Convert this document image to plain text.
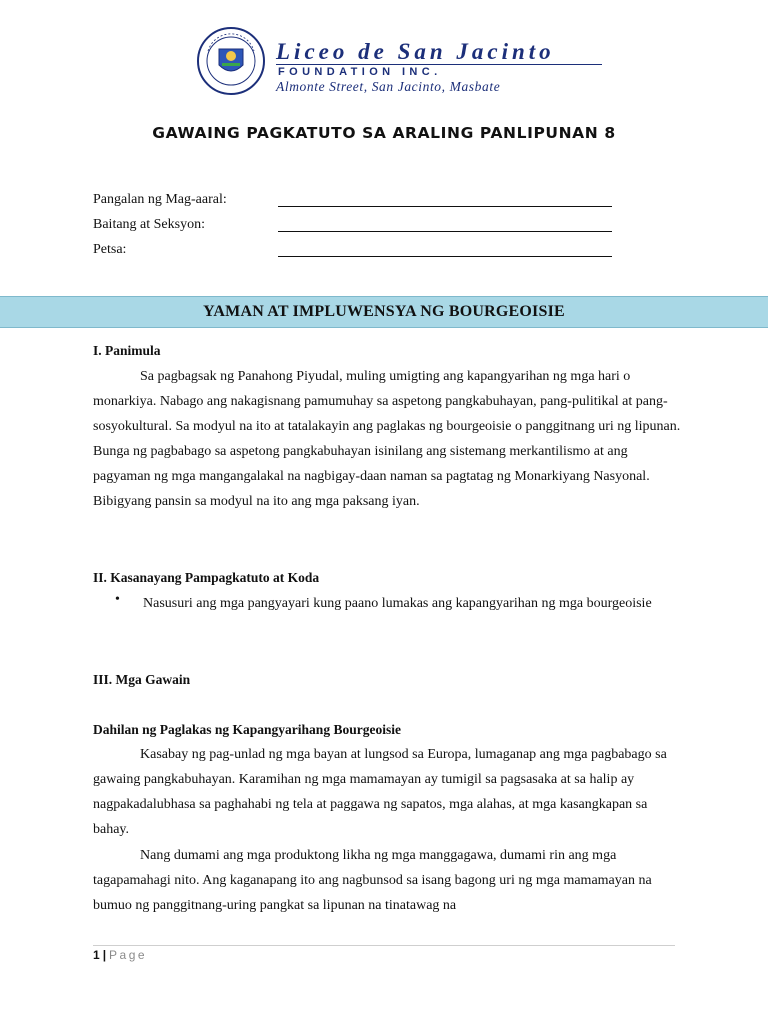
Liceo de San Jacinto
FOUNDATION INC.
Almonte Street, San Jacinto, Masbate
GAWAING PAGKATUTO SA ARALING PANLIPUNAN 8
Pangalan ng Mag-aaral:
Baitang at Seksyon:
Petsa:
YAMAN AT IMPLUWENSYA NG BOURGEOISIE
I. Panimula
Sa pagbagsak ng Panahong Piyudal, muling umigting ang kapangyarihan ng mga hari o monarkiya. Nabago ang nakagisnang pamumuhay sa aspetong pangkabuhayan, pang-pulitikal at pang-sosyokultural. Sa modyul na ito at tatalakayin ang paglakas ng bourgeoisie o panggitnang uri ng lipunan. Bunga ng pagbabago sa aspetong pangkabuhayan isinilang ang sistemang merkantilismo at ang pagyaman ng mga mangangalakal na nagbigay-daan naman sa pagtatag ng Monarkiyang Nasyonal. Bibigyang pansin sa modyul na ito ang mga paksang iyan.
II. Kasanayang Pampagkatuto at Koda
• Nasusuri ang mga pangyayari kung paano lumakas ang kapangyarihan ng mga bourgeoisie
III. Mga Gawain
Dahilan ng Paglakas ng Kapangyarihang Bourgeoisie
Kasabay ng pag-unlad ng mga bayan at lungsod sa Europa, lumaganap ang mga pagbabago sa gawaing pangkabuhayan. Karamihan ng mga mamamayan ay tumigil sa pagsasaka at sa halip ay nagpakadalubhasa sa paghahabi ng tela at paggawa ng sapatos, mga alahas, at mga kasangkapan sa bahay.
Nang dumami ang mga produktong likha ng mga manggagawa, dumami rin ang mga tagapamahagi nito. Ang kaganapang ito ang nagbunsod sa isang bagong uri ng mga mamamayan na bumuo ng panggitnang-uring pangkat sa lipunan na tinatawag na
1 | Page
